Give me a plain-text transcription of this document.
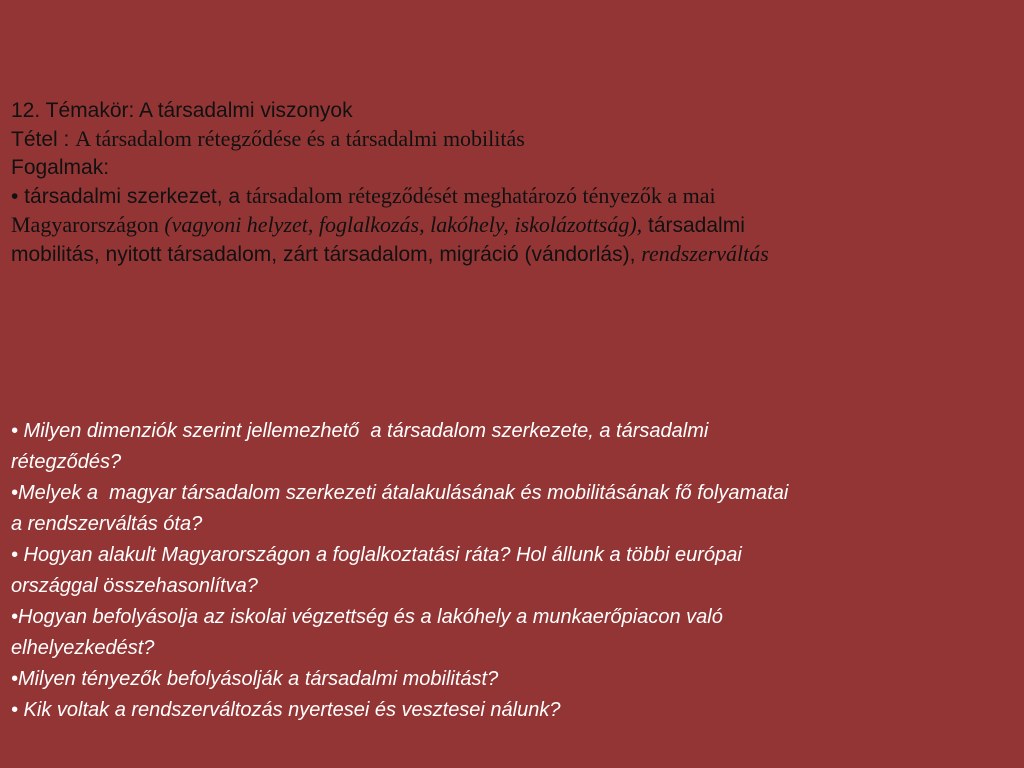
12. Témakör: A társadalmi viszonyok
Tétel : A társadalom rétegződése és a társadalmi mobilitás
Fogalmak:
• társadalmi szerkezet, a társadalom rétegződését meghatározó tényezők a mai
Magyarországon (vagyoni helyzet, foglalkozás, lakóhely, iskolázottság), társadalmi
mobilitás, nyitott társadalom, zárt társadalom, migráció (vándorlás), rendszerváltás
• Milyen dimenziók szerint jellemezhető  a társadalom szerkezete, a társadalmi
rétegződés?
•Melyek a  magyar társadalom szerkezeti átalakulásának és mobilitásának fő folyamatai
a rendszerváltás óta?
• Hogyan alakult Magyarországon a foglalkoztatási ráta? Hol állunk a többi európai
országgal összehasonlítva?
•Hogyan befolyásolja az iskolai végzettség és a lakóhely a munkaerőpiacon való
elhelyezkedést?
•Milyen tényezők befolyásolják a társadalmi mobilitást?
• Kik voltak a rendszerváltozás nyertesei és vesztesei nálunk?
